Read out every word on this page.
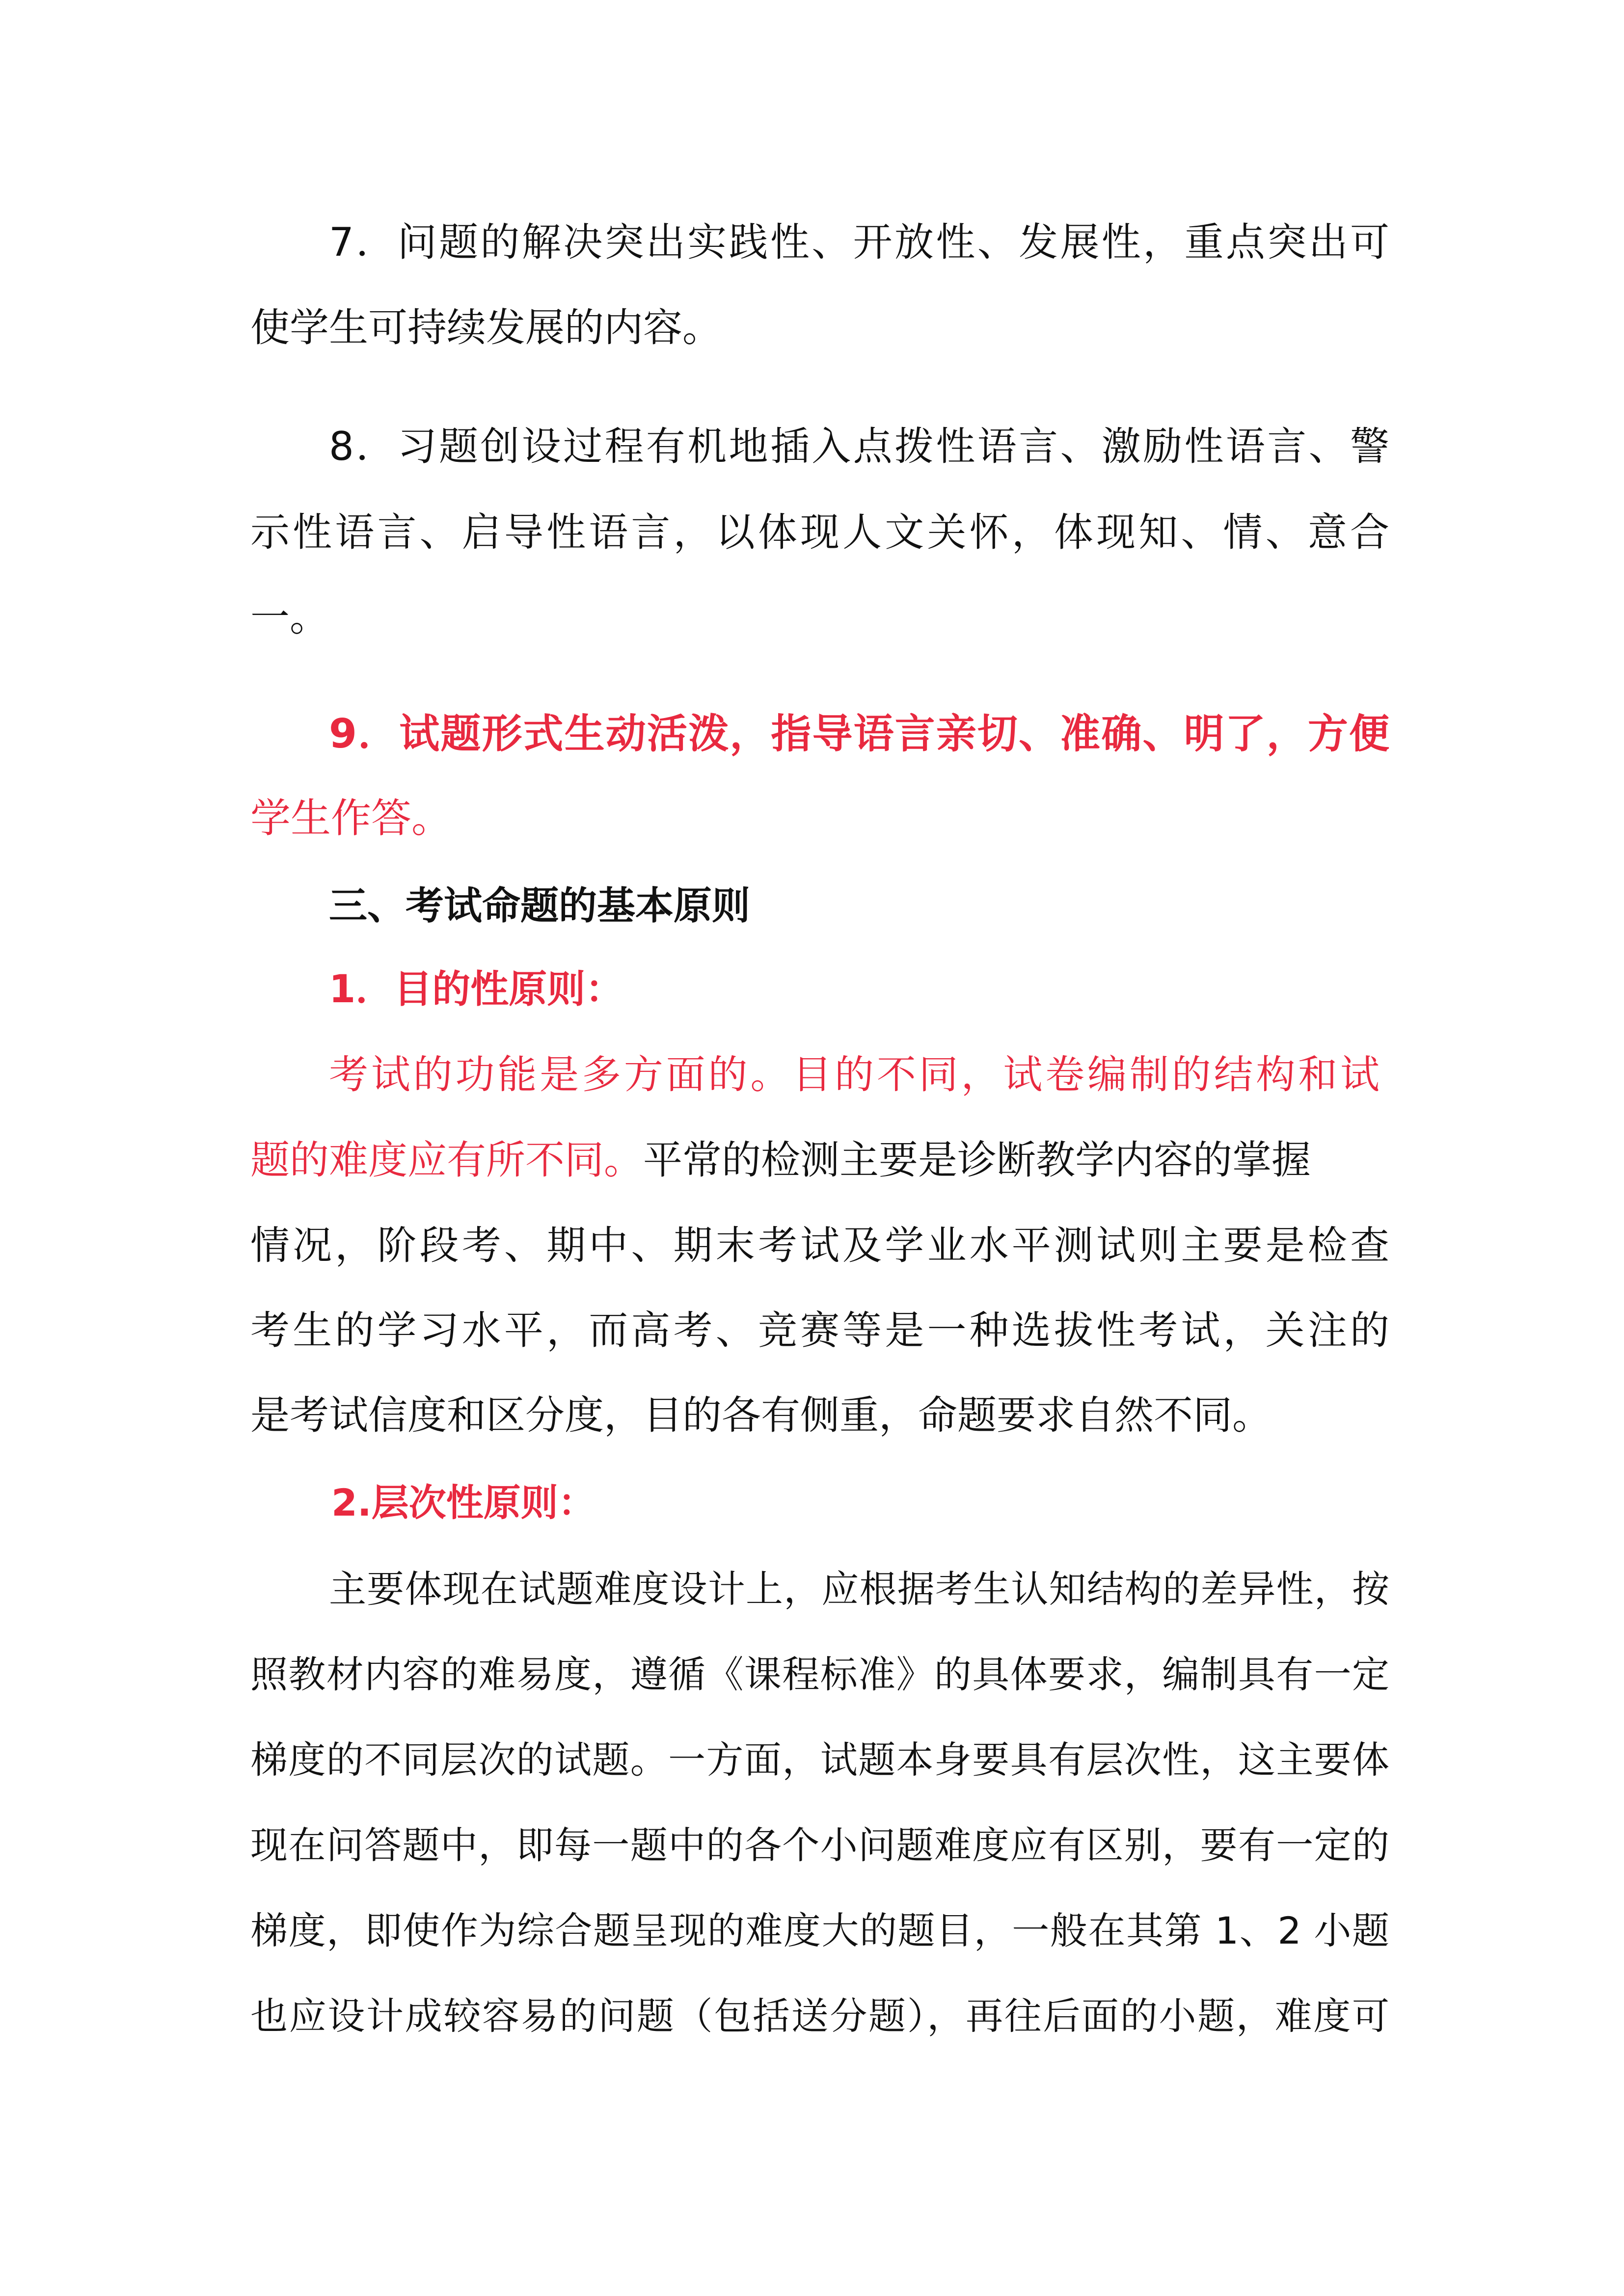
7．问题的解决突出实践性、开放性、发展性，重点突出可
使学生可持续发展的内容。
8．习题创设过程有机地插入点拨性语言、激励性语言、警
示性语言、启导性语言，以体现人文关怀，体现知、情、意合
一。
9．试题形式生动活泼，指导语言亲切、准确、明了，方便
学生作答。
三、考试命题的基本原则
1．目的性原则：
考试的功能是多方面的。目的不同，试卷编制的结构和试
题的难度应有所不同。平常的检测主要是诊断教学内容的掌握
情况，阶段考、期中、期末考试及学业水平测试则主要是检查
考生的学习水平，而高考、竞赛等是一种选拔性考试，关注的
是考试信度和区分度，目的各有侧重，命题要求自然不同。
2.层次性原则：
主要体现在试题难度设计上，应根据考生认知结构的差异性，按
照教材内容的难易度，遵循《课程标准》的具体要求，编制具有一定
梯度的不同层次的试题。一方面，试题本身要具有层次性，这主要体
现在问答题中，即每一题中的各个小问题难度应有区别，要有一定的
梯度，即使作为综合题呈现的难度大的题目，一般在其第 1、2 小题
也应设计成较容易的问题（包括送分题），再往后面的小题，难度可
